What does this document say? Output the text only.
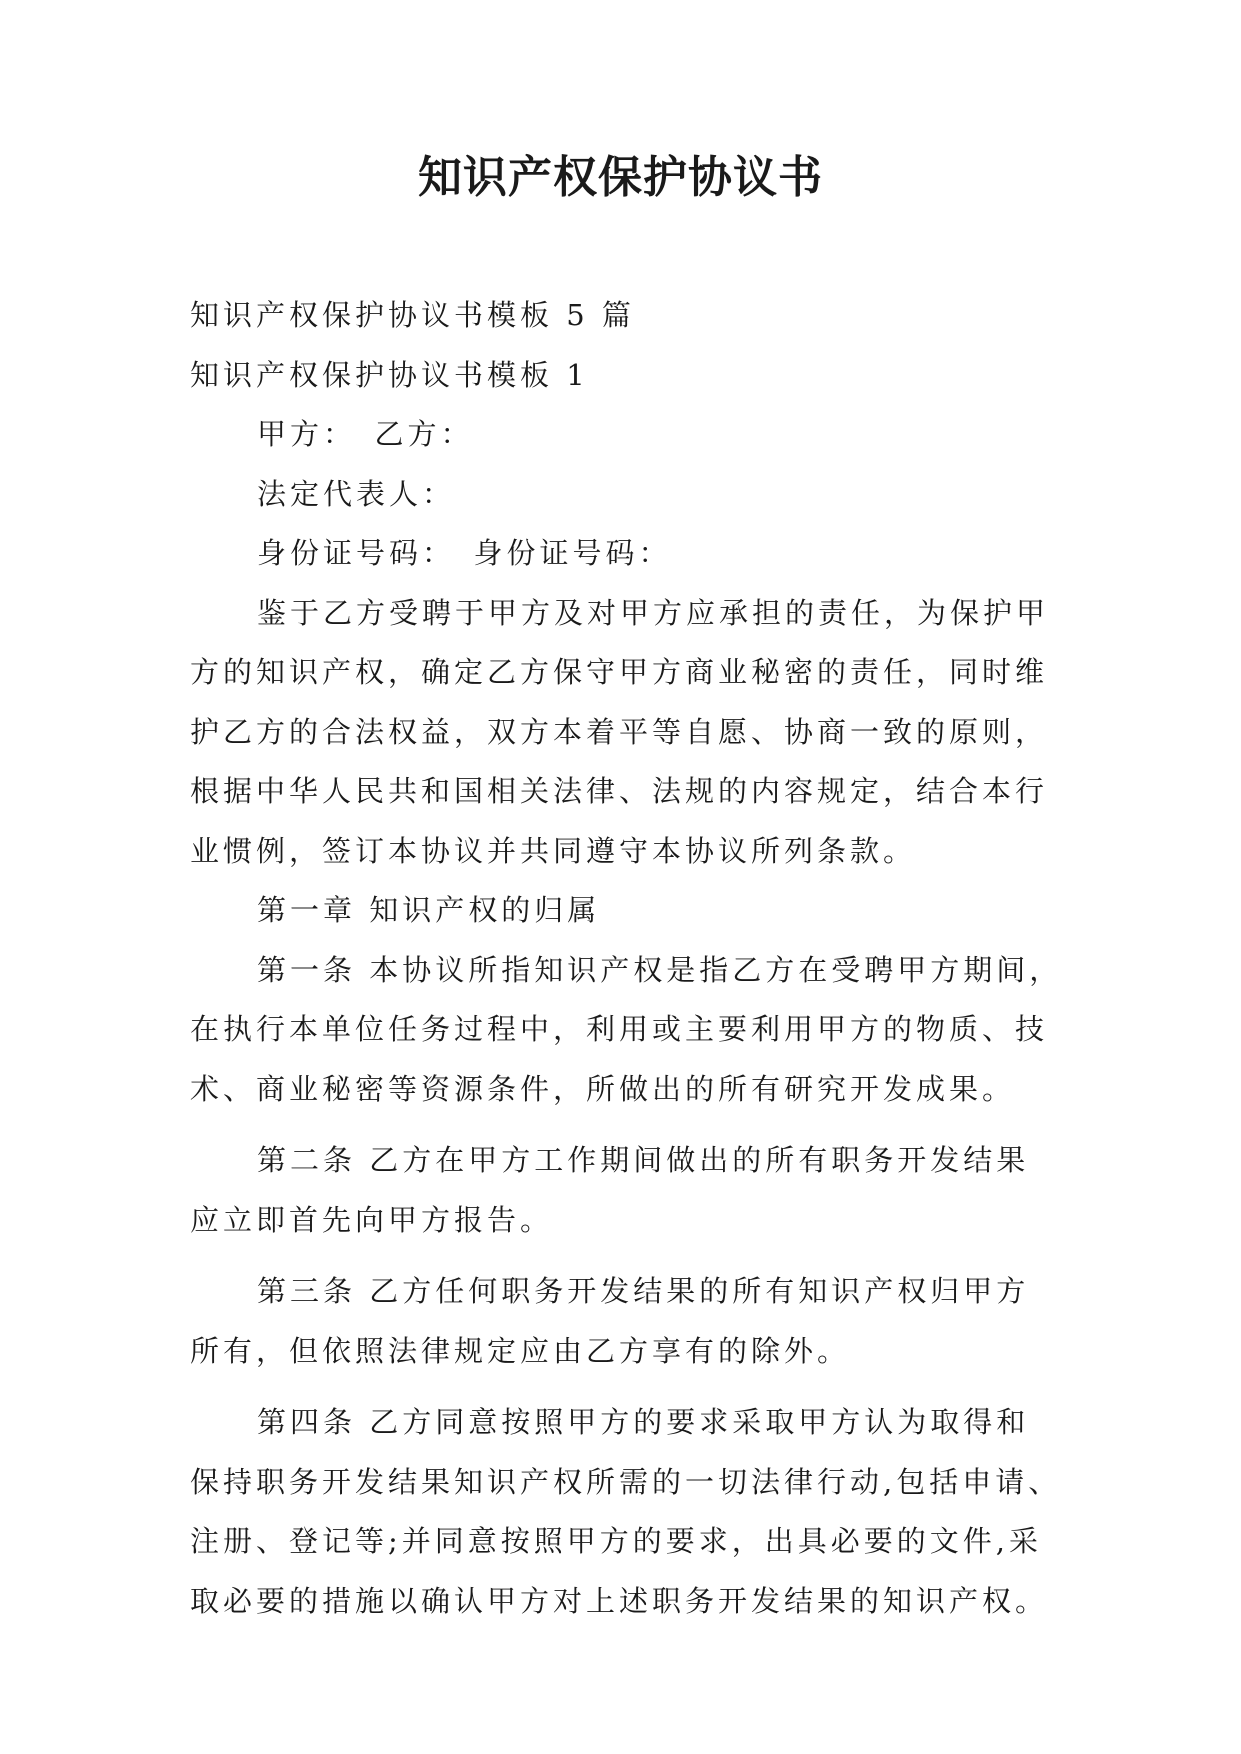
知识产权保护协议书

知识产权保护协议书模板 5 篇

知识产权保护协议书模板 1

甲方：　乙方：

法定代表人：

身份证号码：　身份证号码：

鉴于乙方受聘于甲方及对甲方应承担的责任，为保护甲

方的知识产权，确定乙方保守甲方商业秘密的责任，同时维

护乙方的合法权益，双方本着平等自愿、协商一致的原则，

根据中华人民共和国相关法律、法规的内容规定，结合本行

业惯例，签订本协议并共同遵守本协议所列条款。

第一章 知识产权的归属

第一条 本协议所指知识产权是指乙方在受聘甲方期间，

在执行本单位任务过程中，利用或主要利用甲方的物质、技

术、商业秘密等资源条件，所做出的所有研究开发成果。

第二条 乙方在甲方工作期间做出的所有职务开发结果

应立即首先向甲方报告。

第三条 乙方任何职务开发结果的所有知识产权归甲方

所有，但依照法律规定应由乙方享有的除外。

第四条 乙方同意按照甲方的要求采取甲方认为取得和

保持职务开发结果知识产权所需的一切法律行动,包括申请、

注册、登记等;并同意按照甲方的要求，出具必要的文件,采

取必要的措施以确认甲方对上述职务开发结果的知识产权。
